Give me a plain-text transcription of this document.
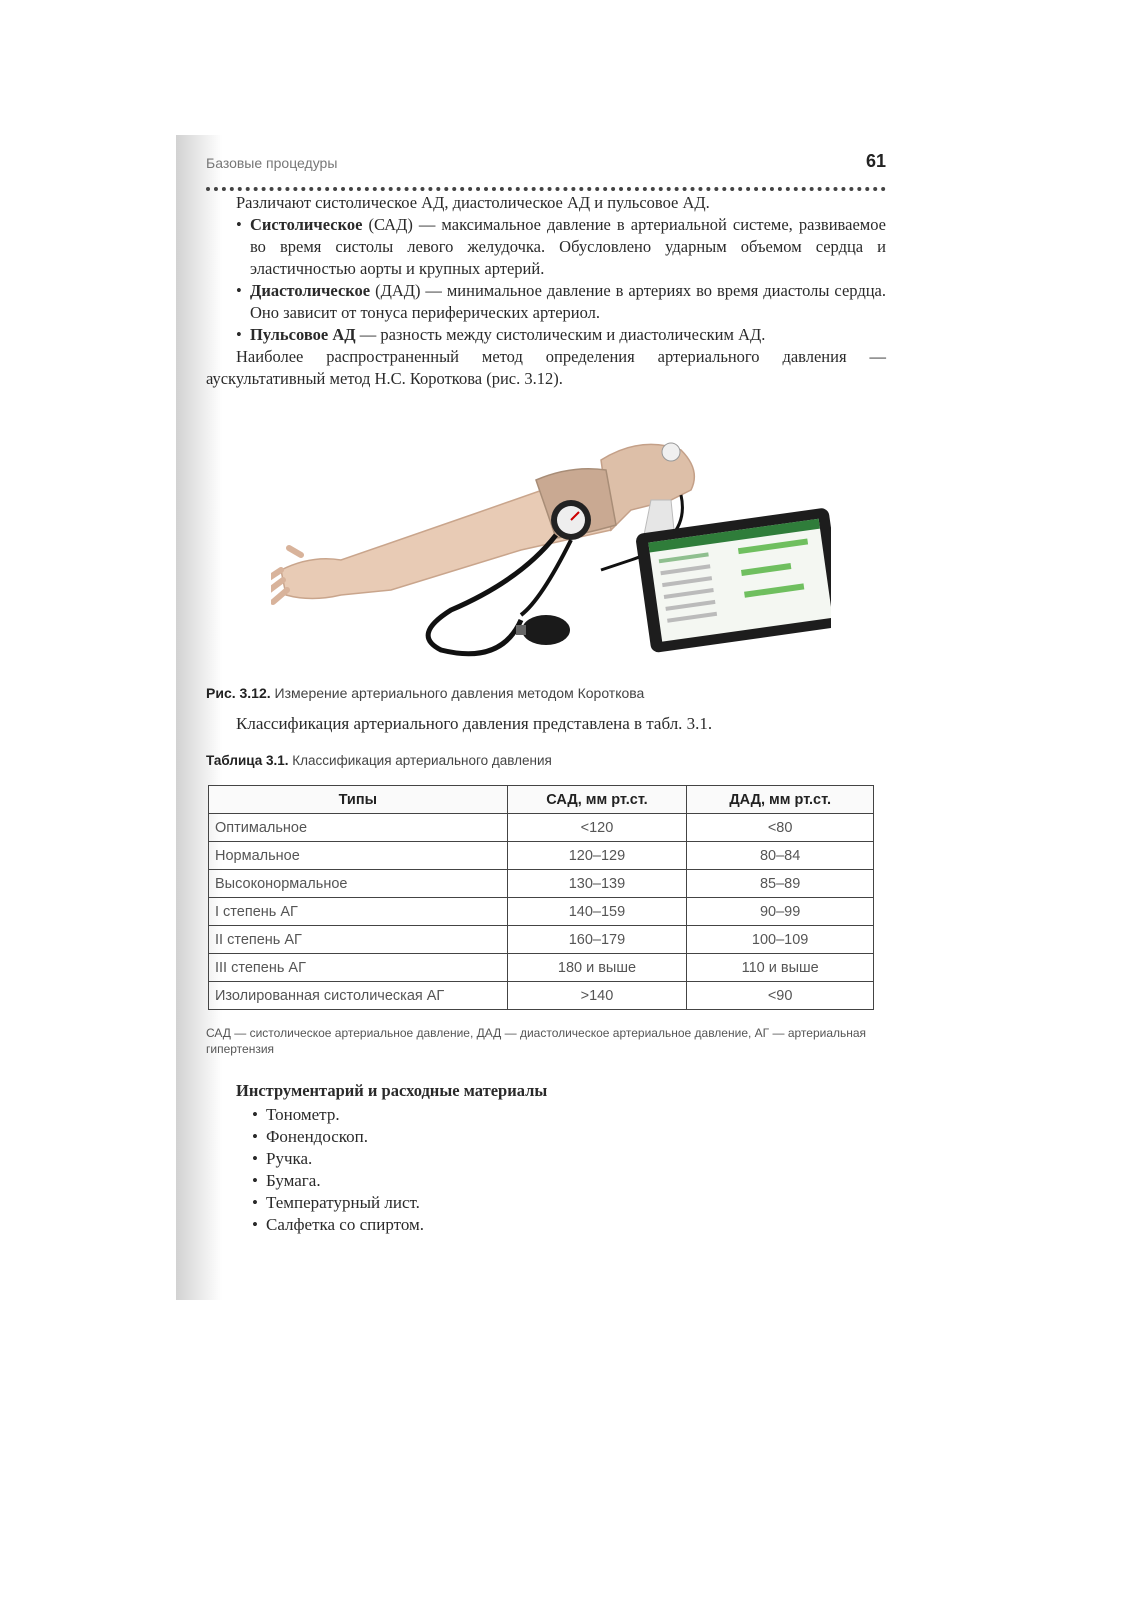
Базовые процедуры	61

Различают систолическое АД, диастолическое АД и пульсовое АД.

• Систолическое (САД) — максимальное давление в артериальной системе, развиваемое во время систолы левого желудочка. Обусловлено ударным объемом сердца и эластичностью аорты и крупных артерий.
• Диастолическое (ДАД) — минимальное давление в артериях во время диастолы сердца. Оно зависит от тонуса периферических артериол.
• Пульсовое АД — разность между систолическим и диастолическим АД.

Наиболее распространенный метод определения артериального давления — аускультативный метод Н.С. Короткова (рис. 3.12).

Рис. 3.12. Измерение артериального давления методом Короткова
Классификация артериального давления представлена в табл. 3.1.
Таблица 3.1. Классификация артериального давления
Типы	САД, мм рт.ст.	ДАД, мм рт.ст.
Оптимальное	<120	<80
Нормальное	120–129	80–84
Высоконормальное	130–139	85–89
I степень АГ	140–159	90–99
II степень АГ	160–179	100–109
III степень АГ	180 и выше	110 и выше
Изолированная систолическая АГ	>140	<90
САД — систолическое артериальное давление, ДАД — диастолическое артериальное давление, АГ — артериальная гипертензия
Инструментарий и расходные материалы
• Тонометр.
• Фонендоскоп.
• Ручка.
• Бумага.
• Температурный лист.
• Салфетка со спиртом.
